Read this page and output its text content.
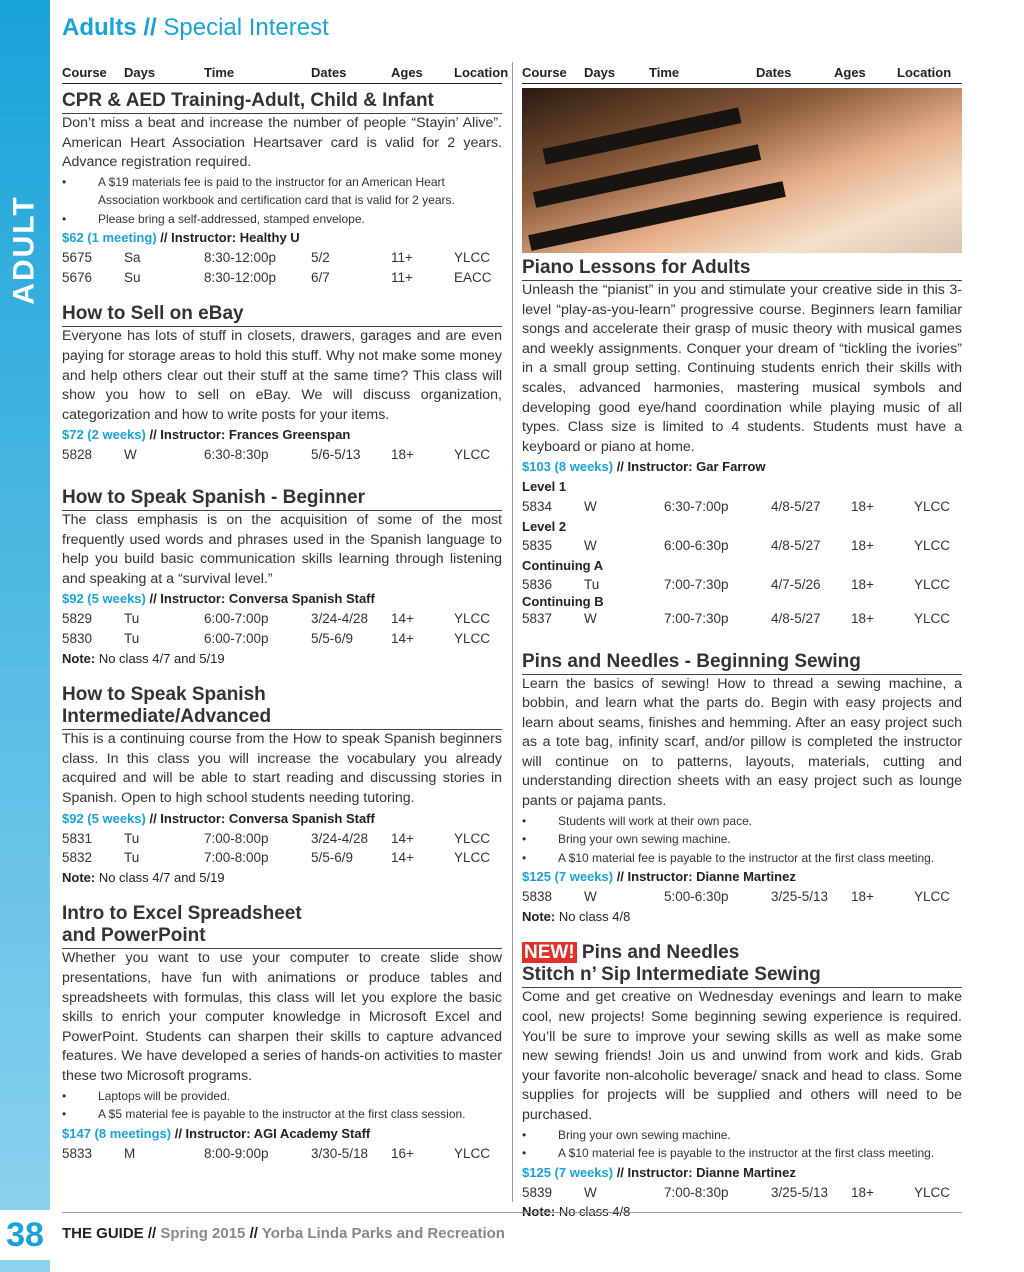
ADULT
38
Adults // Special Interest
Course	Days	Time	Dates	Ages	Location
CPR & AED Training-Adult, Child & Infant
Don’t miss a beat and increase the number of people “Stayin’ Alive”. American Heart Association Heartsaver card is valid for 2 years. Advance registration required.
• A $19 materials fee is paid to the instructor for an American Heart Association workbook and certification card that is valid for 2 years.
• Please bring a self-addressed, stamped envelope.
$62 (1 meeting) // Instructor: Healthy U
5675	Sa	8:30-12:00p	5/2	11+	YLCC
5676	Su	8:30-12:00p	6/7	11+	EACC
How to Sell on eBay
Everyone has lots of stuff in closets, drawers, garages and are even paying for storage areas to hold this stuff. Why not make some money and help others clear out their stuff at the same time? This class will show you how to sell on eBay. We will discuss organization, categorization and how to write posts for your items.
$72 (2 weeks) // Instructor: Frances Greenspan
5828	W	6:30-8:30p	5/6-5/13	18+	YLCC
How to Speak Spanish - Beginner
The class emphasis is on the acquisition of some of the most frequently used words and phrases used in the Spanish language to help you build basic communication skills learning through listening and speaking at a “survival level.”
$92 (5 weeks) // Instructor: Conversa Spanish Staff
5829	Tu	6:00-7:00p	3/24-4/28	14+	YLCC
5830	Tu	6:00-7:00p	5/5-6/9	14+	YLCC
Note: No class 4/7 and 5/19
How to Speak Spanish
Intermediate/Advanced
This is a continuing course from the How to speak Spanish beginners class. In this class you will increase the vocabulary you already acquired and will be able to start reading and discussing stories in Spanish. Open to high school students needing tutoring.
$92 (5 weeks) // Instructor: Conversa Spanish Staff
5831	Tu	7:00-8:00p	3/24-4/28	14+	YLCC
5832	Tu	7:00-8:00p	5/5-6/9	14+	YLCC
Note: No class 4/7 and 5/19
Intro to Excel Spreadsheet
and PowerPoint
Whether you want to use your computer to create slide show presentations, have fun with animations or produce tables and spreadsheets with formulas, this class will let you explore the basic skills to enrich your computer knowledge in Microsoft Excel and PowerPoint. Students can sharpen their skills to capture advanced features. We have developed a series of hands-on activities to master these two Microsoft programs.
• Laptops will be provided.
• A $5 material fee is payable to the instructor at the first class session.
$147 (8 meetings) // Instructor: AGI Academy Staff
5833	M	8:00-9:00p	3/30-5/18	16+	YLCC
Course	Days	Time	Dates	Ages	Location
Piano Lessons for Adults
Unleash the “pianist” in you and stimulate your creative side in this 3-level “play-as-you-learn” progressive course. Beginners learn familiar songs and accelerate their grasp of music theory with musical games and weekly assignments. Conquer your dream of “tickling the ivories” in a small group setting. Continuing students enrich their skills with scales, advanced harmonies, mastering musical symbols and developing good eye/hand coordination while playing music of all types. Class size is limited to 4 students. Students must have a keyboard or piano at home.
$103 (8 weeks) // Instructor: Gar Farrow
Level 1
5834	W	6:30-7:00p	4/8-5/27	18+	YLCC
Level 2
5835	W	6:00-6:30p	4/8-5/27	18+	YLCC
Continuing A
5836	Tu	7:00-7:30p	4/7-5/26	18+	YLCC
Continuing B
5837	W	7:00-7:30p	4/8-5/27	18+	YLCC
Pins and Needles - Beginning Sewing
Learn the basics of sewing! How to thread a sewing machine, a bobbin, and learn what the parts do. Begin with easy projects and learn about seams, finishes and hemming. After an easy project such as a tote bag, infinity scarf, and/or pillow is completed the instructor will continue on to patterns, layouts, materials, cutting and understanding direction sheets with an easy project such as lounge pants or pajama pants.
• Students will work at their own pace.
• Bring your own sewing machine.
• A $10 material fee is payable to the instructor at the first class meeting.
$125 (7 weeks) // Instructor: Dianne Martinez
5838	W	5:00-6:30p	3/25-5/13	18+	YLCC
Note: No class 4/8
NEW! Pins and Needles
Stitch n’ Sip Intermediate Sewing
Come and get creative on Wednesday evenings and learn to make cool, new projects! Some beginning sewing experience is required. You’ll be sure to improve your sewing skills as well as make some new sewing friends! Join us and unwind from work and kids. Grab your favorite non-alcoholic beverage/ snack and head to class. Some supplies for projects will be supplied and others will need to be purchased.
• Bring your own sewing machine.
• A $10 material fee is payable to the instructor at the first class meeting.
$125 (7 weeks) // Instructor: Dianne Martinez
5839	W	7:00-8:30p	3/25-5/13	18+	YLCC
Note: No class 4/8
THE GUIDE // Spring 2015 // Yorba Linda Parks and Recreation
